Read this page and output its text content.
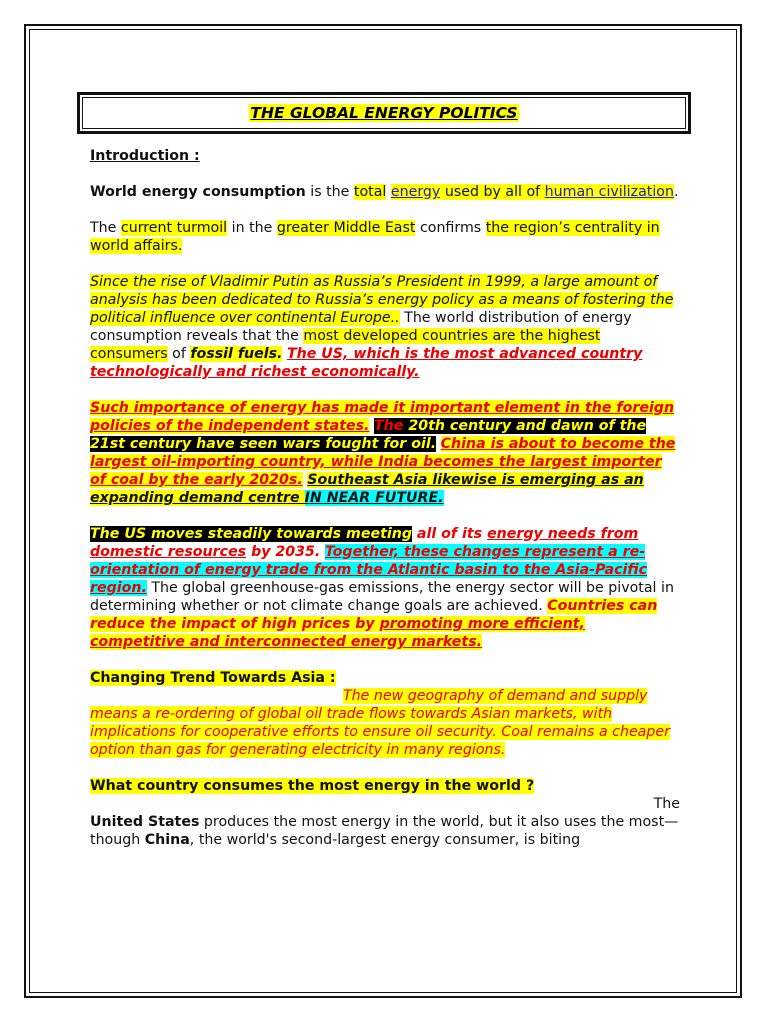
THE GLOBAL ENERGY POLITICS

Introduction :

World energy consumption is the total energy used by all of human civilization.

The current turmoil in the greater Middle East confirms the region’s centrality in world affairs.

Since the rise of Vladimir Putin as Russia’s President in 1999, a large amount of
analysis has been dedicated to Russia’s energy policy as a means of fostering the political influence over continental Europe.. The world distribution of energy consumption reveals that the most developed countries are the highest consumers of fossil fuels. The US, which is the most advanced country technologically and richest economically.

Such importance of energy has made it important element in the foreign policies of the independent states. The 20th century and dawn of the 21st century have seen wars fought for oil. China is about to become the largest oil-importing country, while India becomes the largest importer of coal by the early 2020s. Southeast Asia likewise is emerging as an expanding demand centre IN NEAR FUTURE.

The US moves steadily towards meeting all of its energy needs from domestic resources by 2035. Together, these changes represent a re-orientation of energy trade from the Atlantic basin to the Asia-Pacific region. The global greenhouse-gas emissions, the energy sector will be pivotal in determining whether or not climate change goals are achieved. Countries can reduce the impact of high prices by promoting more efficient, competitive and interconnected energy markets.

Changing Trend Towards Asia :

The new geography of demand and supply means a re-ordering of global oil trade flows towards Asian markets, with implications for cooperative efforts to ensure oil security. Coal remains a cheaper option than gas for generating electricity in many regions.

What country consumes the most energy in the world ?

The

United States produces the most energy in the world, but it also uses the most—though China, the world's second-largest energy consumer, is biting
